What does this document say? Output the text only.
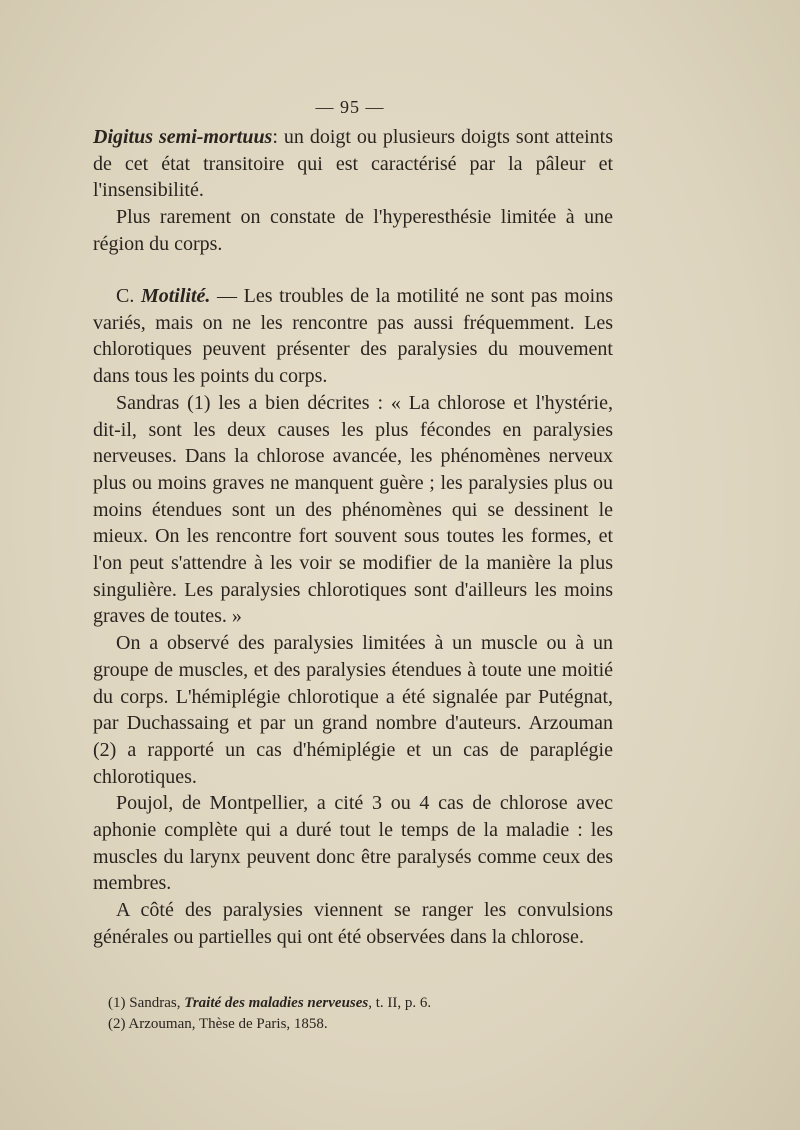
— 95 —

Digitus semi-mortuus: un doigt ou plusieurs doigts sont atteints de cet état transitoire qui est caractérisé par la pâleur et l'insensibilité.

Plus rarement on constate de l'hyperesthésie limitée à une région du corps.

C. Motilité. — Les troubles de la motilité ne sont pas moins variés, mais on ne les rencontre pas aussi fréquemment. Les chlorotiques peuvent présenter des paralysies du mouvement dans tous les points du corps.

Sandras (1) les a bien décrites : « La chlorose et l'hystérie, dit-il, sont les deux causes les plus fécondes en paralysies nerveuses. Dans la chlorose avancée, les phénomènes nerveux plus ou moins graves ne manquent guère ; les paralysies plus ou moins étendues sont un des phénomènes qui se dessinent le mieux. On les rencontre fort souvent sous toutes les formes, et l'on peut s'attendre à les voir se modifier de la manière la plus singulière. Les paralysies chlorotiques sont d'ailleurs les moins graves de toutes. »

On a observé des paralysies limitées à un muscle ou à un groupe de muscles, et des paralysies étendues à toute une moitié du corps. L'hémiplégie chlorotique a été signalée par Putégnat, par Duchassaing et par un grand nombre d'auteurs. Arzouman (2) a rapporté un cas d'hémiplégie et un cas de paraplégie chlorotiques.

Poujol, de Montpellier, a cité 3 ou 4 cas de chlorose avec aphonie complète qui a duré tout le temps de la maladie : les muscles du larynx peuvent donc être paralysés comme ceux des membres.

A côté des paralysies viennent se ranger les convulsions générales ou partielles qui ont été observées dans la chlorose.

(1) Sandras, Traité des maladies nerveuses, t. II, p. 6.
(2) Arzouman, Thèse de Paris, 1858.
